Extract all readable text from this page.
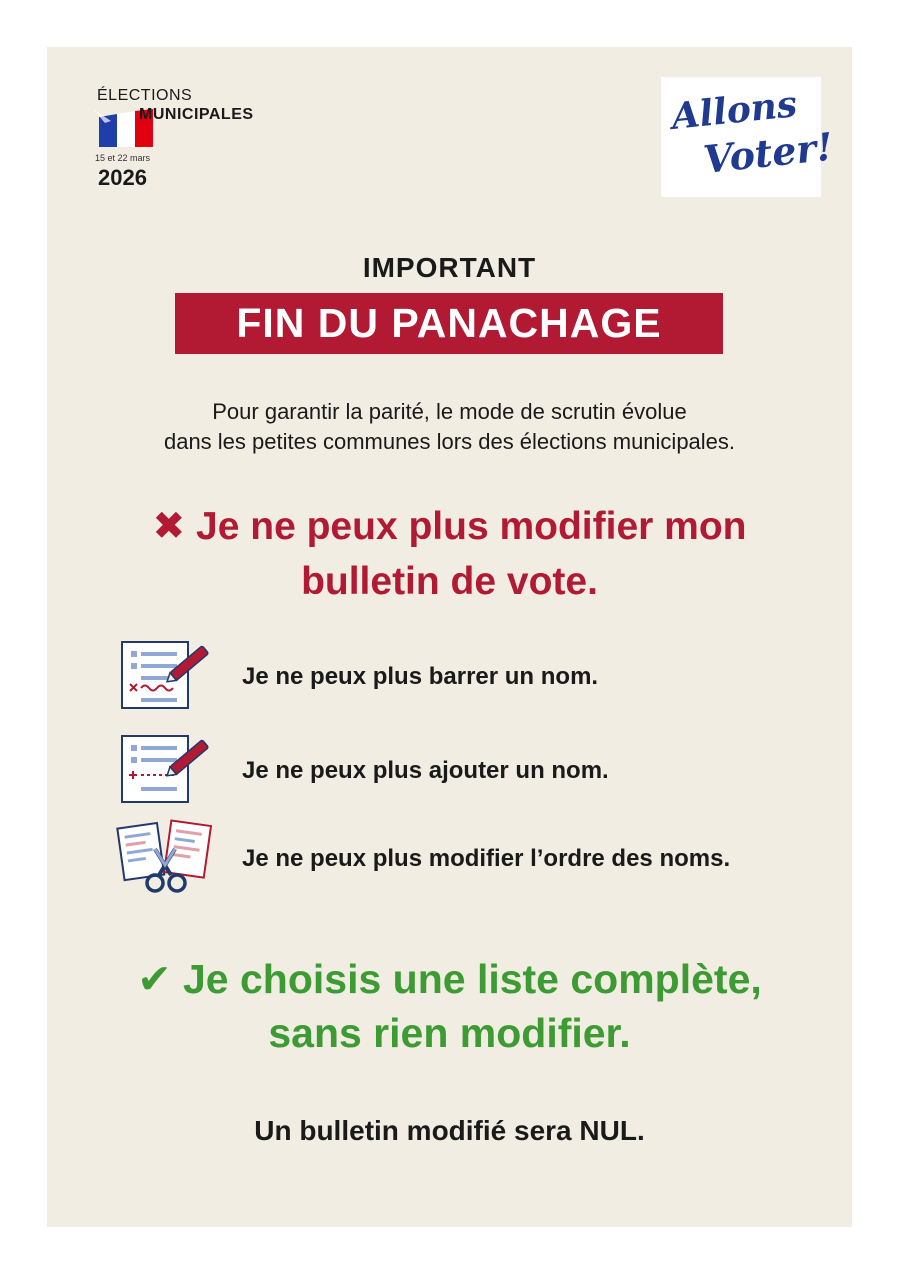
ÉLECTIONS
MUNICIPALES
15 et 22 mars
2026
Allons
Voter!
IMPORTANT
FIN DU PANACHAGE
Pour garantir la parité, le mode de scrutin évolue
dans les petites communes lors des élections municipales.
✖ Je ne peux plus modifier mon
bulletin de vote.
Je ne peux plus barrer un nom.
Je ne peux plus ajouter un nom.
Je ne peux plus modifier l’ordre des noms.
✔ Je choisis une liste complète,
sans rien modifier.
Un bulletin modifié sera NUL.
